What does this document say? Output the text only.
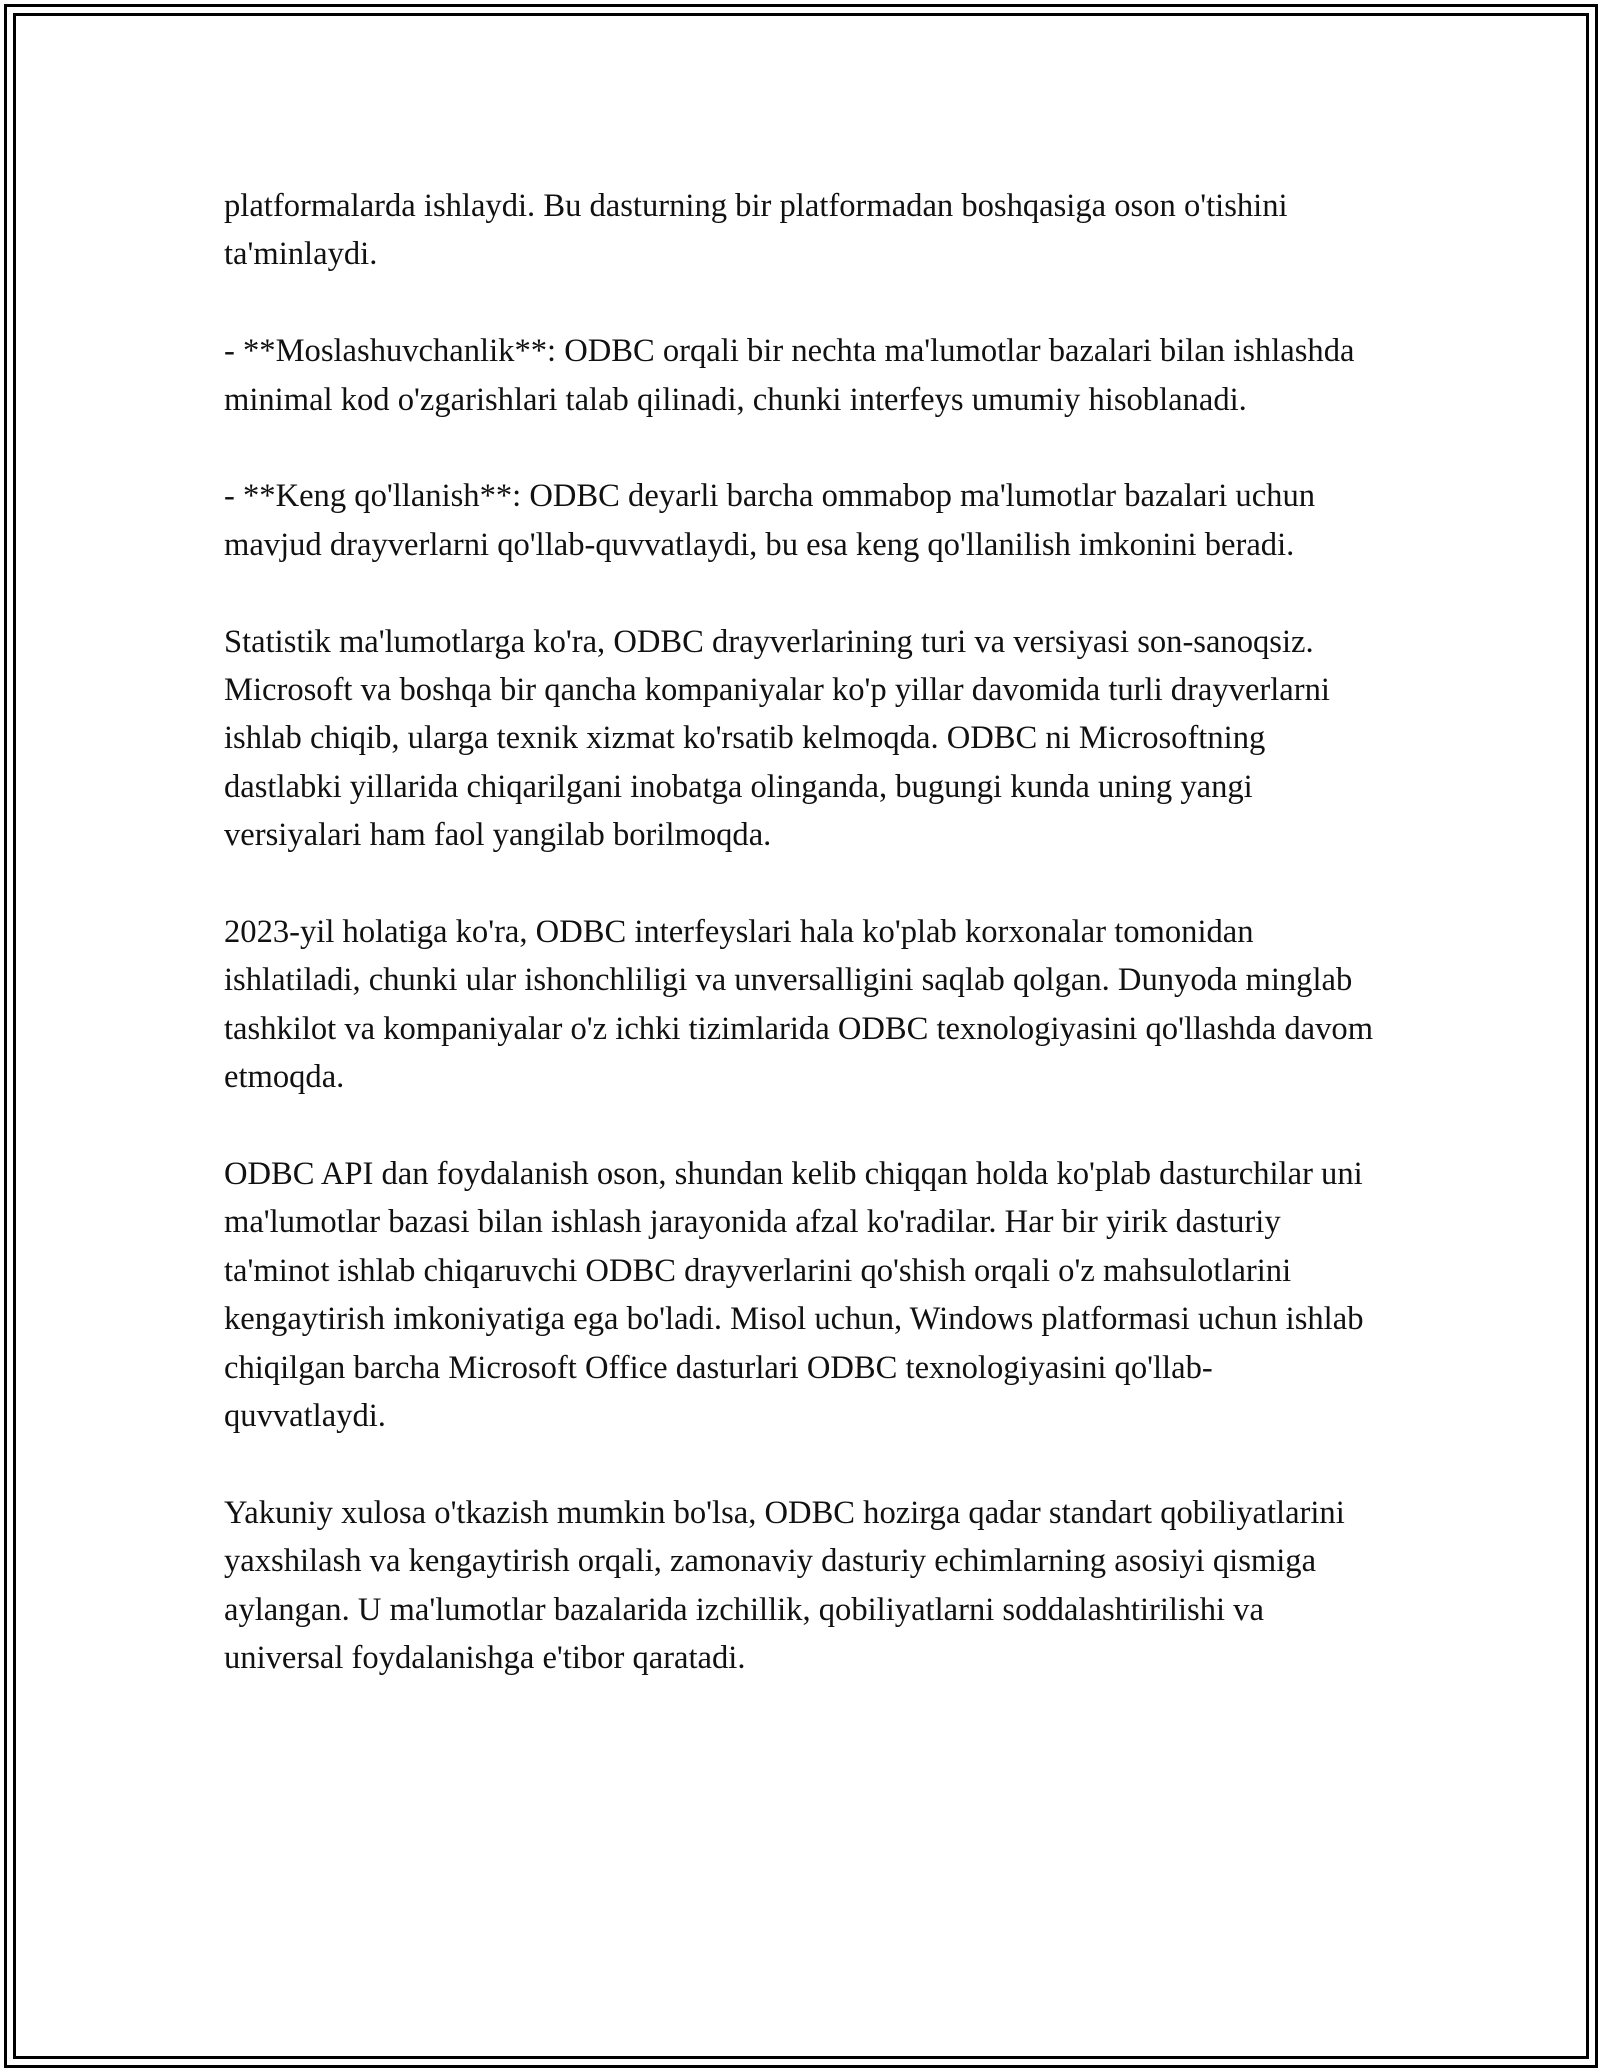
platformalarda ishlaydi. Bu dasturning bir platformadan boshqasiga oson o'tishini ta'minlaydi.

- **Moslashuvchanlik**: ODBC orqali bir nechta ma'lumotlar bazalari bilan ishlashda minimal kod o'zgarishlari talab qilinadi, chunki interfeys umumiy hisoblanadi.

- **Keng qo'llanish**: ODBC deyarli barcha ommabop ma'lumotlar bazalari uchun mavjud drayverlarni qo'llab-quvvatlaydi, bu esa keng qo'llanilish imkonini beradi.

Statistik ma'lumotlarga ko'ra, ODBC drayverlarining turi va versiyasi son-sanoqsiz. Microsoft va boshqa bir qancha kompaniyalar ko'p yillar davomida turli drayverlarni ishlab chiqib, ularga texnik xizmat ko'rsatib kelmoqda. ODBC ni Microsoftning dastlabki yillarida chiqarilgani inobatga olinganda, bugungi kunda uning yangi versiyalari ham faol yangilab borilmoqda.

2023-yil holatiga ko'ra, ODBC interfeyslari hala ko'plab korxonalar tomonidan ishlatiladi, chunki ular ishonchliligi va unversalligini saqlab qolgan. Dunyoda minglab tashkilot va kompaniyalar o'z ichki tizimlarida ODBC texnologiyasini qo'llashda davom etmoqda.

ODBC API dan foydalanish oson, shundan kelib chiqqan holda ko'plab dasturchilar uni ma'lumotlar bazasi bilan ishlash jarayonida afzal ko'radilar. Har bir yirik dasturiy ta'minot ishlab chiqaruvchi ODBC drayverlarini qo'shish orqali o'z mahsulotlarini kengaytirish imkoniyatiga ega bo'ladi. Misol uchun, Windows platformasi uchun ishlab chiqilgan barcha Microsoft Office dasturlari ODBC texnologiyasini qo'llab-quvvatlaydi.

Yakuniy xulosa o'tkazish mumkin bo'lsa, ODBC hozirga qadar standart qobiliyatlarini yaxshilash va kengaytirish orqali, zamonaviy dasturiy echimlarning asosiyi qismiga aylangan. U ma'lumotlar bazalarida izchillik, qobiliyatlarni soddalashtirilishi va universal foydalanishga e'tibor qaratadi.
